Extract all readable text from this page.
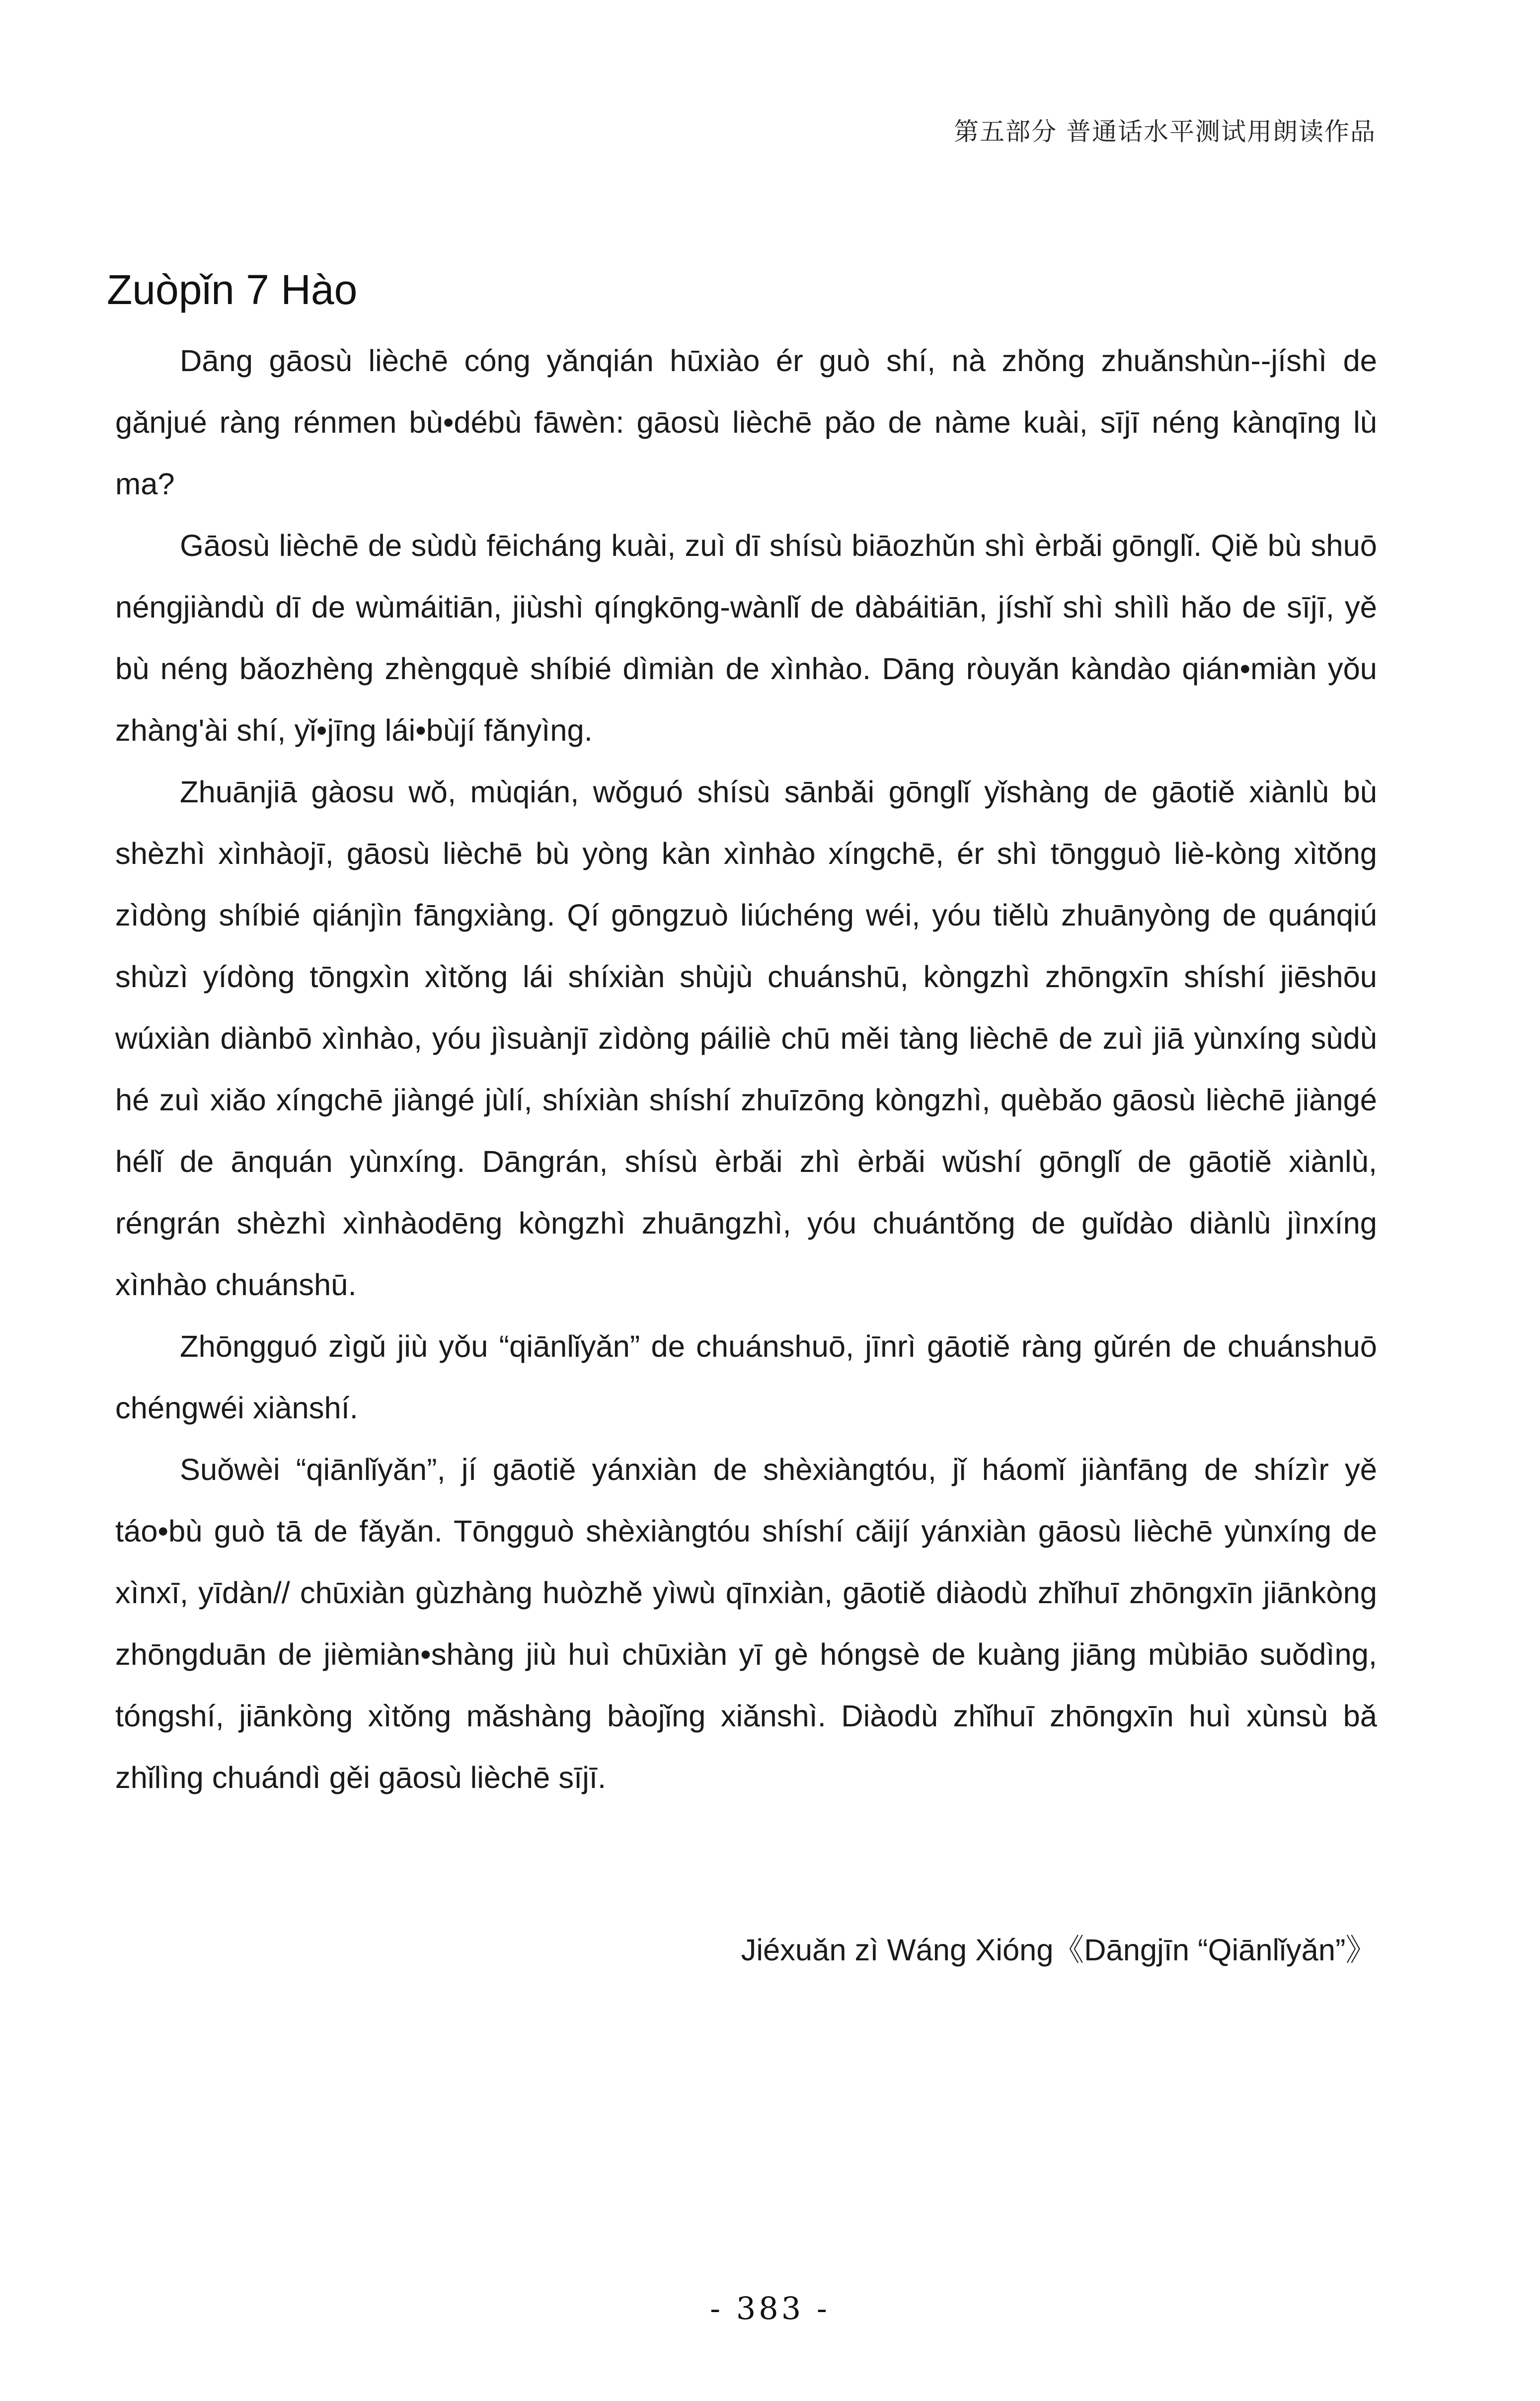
第五部分 普通话水平测试用朗读作品
Zuòpǐn 7 Hào

Dāng gāosù lièchē cóng yǎnqián hūxiào ér guò shí, nà zhǒng zhuǎnshùn--jíshì de gǎnjué ràng rénmen bù•débù fāwèn: gāosù lièchē pǎo de nàme kuài, sījī néng kànqīng lù ma?

Gāosù lièchē de sùdù fēicháng kuài, zuì dī shísù biāozhǔn shì èrbǎi gōnglǐ. Qiě bù shuō néngjiàndù dī de wùmáitiān, jiùshì qíngkōng-wànlǐ de dàbáitiān, jíshǐ shì shìlì hǎo de sījī, yě bù néng bǎozhèng zhèngquè shíbié dìmiàn de xìnhào. Dāng ròuyǎn kàndào qián•miàn yǒu zhàng'ài shí, yǐ•jīng lái•bùjí fǎnyìng.

Zhuānjiā gàosu wǒ, mùqián, wǒguó shísù sānbǎi gōnglǐ yǐshàng de gāotiě xiànlù bù shèzhì xìnhàojī, gāosù lièchē bù yòng kàn xìnhào xíngchē, ér shì tōngguò liè-kòng xìtǒng zìdòng shíbié qiánjìn fāngxiàng. Qí gōngzuò liúchéng wéi, yóu tiělù zhuānyòng de quánqiú shùzì yídòng tōngxìn xìtǒng lái shíxiàn shùjù chuánshū, kòngzhì zhōngxīn shíshí jiēshōu wúxiàn diànbō xìnhào, yóu jìsuànjī zìdòng páiliè chū měi tàng lièchē de zuì jiā yùnxíng sùdù hé zuì xiǎo xíngchē jiàngé jùlí, shíxiàn shíshí zhuīzōng kòngzhì, quèbǎo gāosù lièchē jiàngé hélǐ de ānquán yùnxíng. Dāngrán, shísù èrbǎi zhì èrbǎi wǔshí gōnglǐ de gāotiě xiànlù, réngrán shèzhì xìnhàodēng kòngzhì zhuāngzhì, yóu chuántǒng de guǐdào diànlù jìnxíng xìnhào chuánshū.

Zhōngguó zìgǔ jiù yǒu “qiānlǐyǎn” de chuánshuō, jīnrì gāotiě ràng gǔrén de chuánshuō chéngwéi xiànshí.

Suǒwèi “qiānlǐyǎn”, jí gāotiě yánxiàn de shèxiàngtóu, jǐ háomǐ jiànfāng de shízìr yě táo•bù guò tā de fǎyǎn. Tōngguò shèxiàngtóu shíshí cǎijí yánxiàn gāosù lièchē yùnxíng de xìnxī, yīdàn// chūxiàn gùzhàng huòzhě yìwù qīnxiàn, gāotiě diàodù zhǐhuī zhōngxīn jiānkòng zhōngduān de jièmiàn•shàng jiù huì chūxiàn yī gè hóngsè de kuàng jiāng mùbiāo suǒdìng, tóngshí, jiānkòng xìtǒng mǎshàng bàojǐng xiǎnshì. Diàodù zhǐhuī zhōngxīn huì xùnsù bǎ zhǐlìng chuándì gěi gāosù lièchē sījī.

Jiéxuǎn zì Wáng Xióng《Dāngjīn “Qiānlǐyǎn”》
- 383 -
